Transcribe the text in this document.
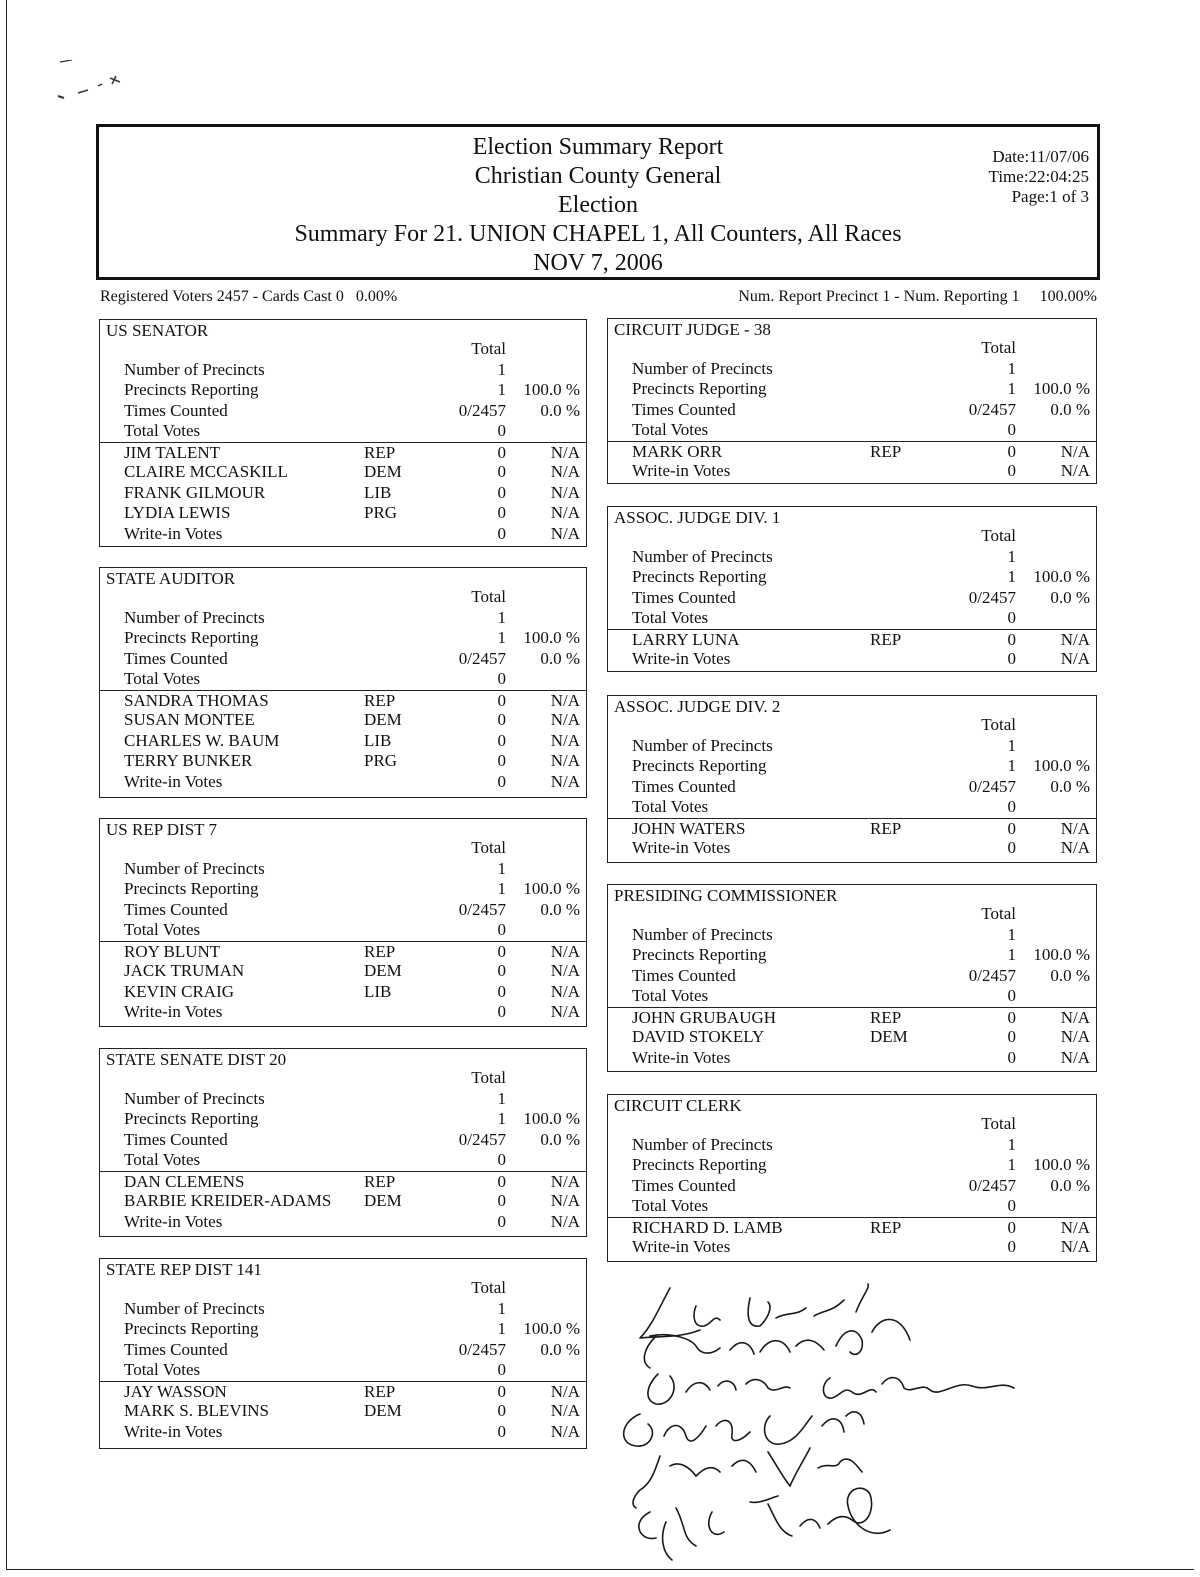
Election Summary Report
Christian County General
Election
Summary For 21. UNION CHAPEL 1, All Counters, All Races
NOV 7, 2006
Date:11/07/06
Time:22:04:25
Page:1 of 3
Registered Voters 2457 - Cards Cast 0   0.00%	Num. Report Precinct 1 - Num. Reporting 1     100.00%
US SENATOR
Total
Number of Precincts	1
Precincts Reporting	1 100.0 %
Times Counted	0/2457 0.0 %
Total Votes	0
JIM TALENT	REP	0	N/A
CLAIRE MCCASKILL	DEM	0	N/A
FRANK GILMOUR	LIB	0	N/A
LYDIA LEWIS	PRG	0	N/A
Write-in Votes	0	N/A
STATE AUDITOR
Total
Number of Precincts	1
Precincts Reporting	1 100.0 %
Times Counted	0/2457 0.0 %
Total Votes	0
SANDRA THOMAS	REP	0	N/A
SUSAN MONTEE	DEM	0	N/A
CHARLES W. BAUM	LIB	0	N/A
TERRY BUNKER	PRG	0	N/A
Write-in Votes	0	N/A
US REP DIST 7
Total
Number of Precincts	1
Precincts Reporting	1 100.0 %
Times Counted	0/2457 0.0 %
Total Votes	0
ROY BLUNT	REP	0	N/A
JACK TRUMAN	DEM	0	N/A
KEVIN CRAIG	LIB	0	N/A
Write-in Votes	0	N/A
STATE SENATE DIST 20
Total
Number of Precincts	1
Precincts Reporting	1 100.0 %
Times Counted	0/2457 0.0 %
Total Votes	0
DAN CLEMENS	REP	0	N/A
BARBIE KREIDER-ADAMS DEM	0	N/A
Write-in Votes	0	N/A
STATE REP DIST 141
Total
Number of Precincts	1
Precincts Reporting	1 100.0 %
Times Counted	0/2457 0.0 %
Total Votes	0
JAY WASSON	REP	0	N/A
MARK S. BLEVINS	DEM	0	N/A
Write-in Votes	0	N/A
CIRCUIT JUDGE - 38
Total
Number of Precincts	1
Precincts Reporting	1 100.0 %
Times Counted	0/2457 0.0 %
Total Votes	0
MARK ORR	REP	0	N/A
Write-in Votes	0	N/A
ASSOC. JUDGE DIV. 1
Total
Number of Precincts	1
Precincts Reporting	1 100.0 %
Times Counted	0/2457 0.0 %
Total Votes	0
LARRY LUNA	REP	0	N/A
Write-in Votes	0	N/A
ASSOC. JUDGE DIV. 2
Total
Number of Precincts	1
Precincts Reporting	1 100.0 %
Times Counted	0/2457 0.0 %
Total Votes	0
JOHN WATERS	REP	0	N/A
Write-in Votes	0	N/A
PRESIDING COMMISSIONER
Total
Number of Precincts	1
Precincts Reporting	1 100.0 %
Times Counted	0/2457 0.0 %
Total Votes	0
JOHN GRUBAUGH	REP	0	N/A
DAVID STOKELY	DEM	0	N/A
Write-in Votes	0	N/A
CIRCUIT CLERK
Total
Number of Precincts	1
Precincts Reporting	1 100.0 %
Times Counted	0/2457 0.0 %
Total Votes	0
RICHARD D. LAMB	REP	0	N/A
Write-in Votes	0	N/A
